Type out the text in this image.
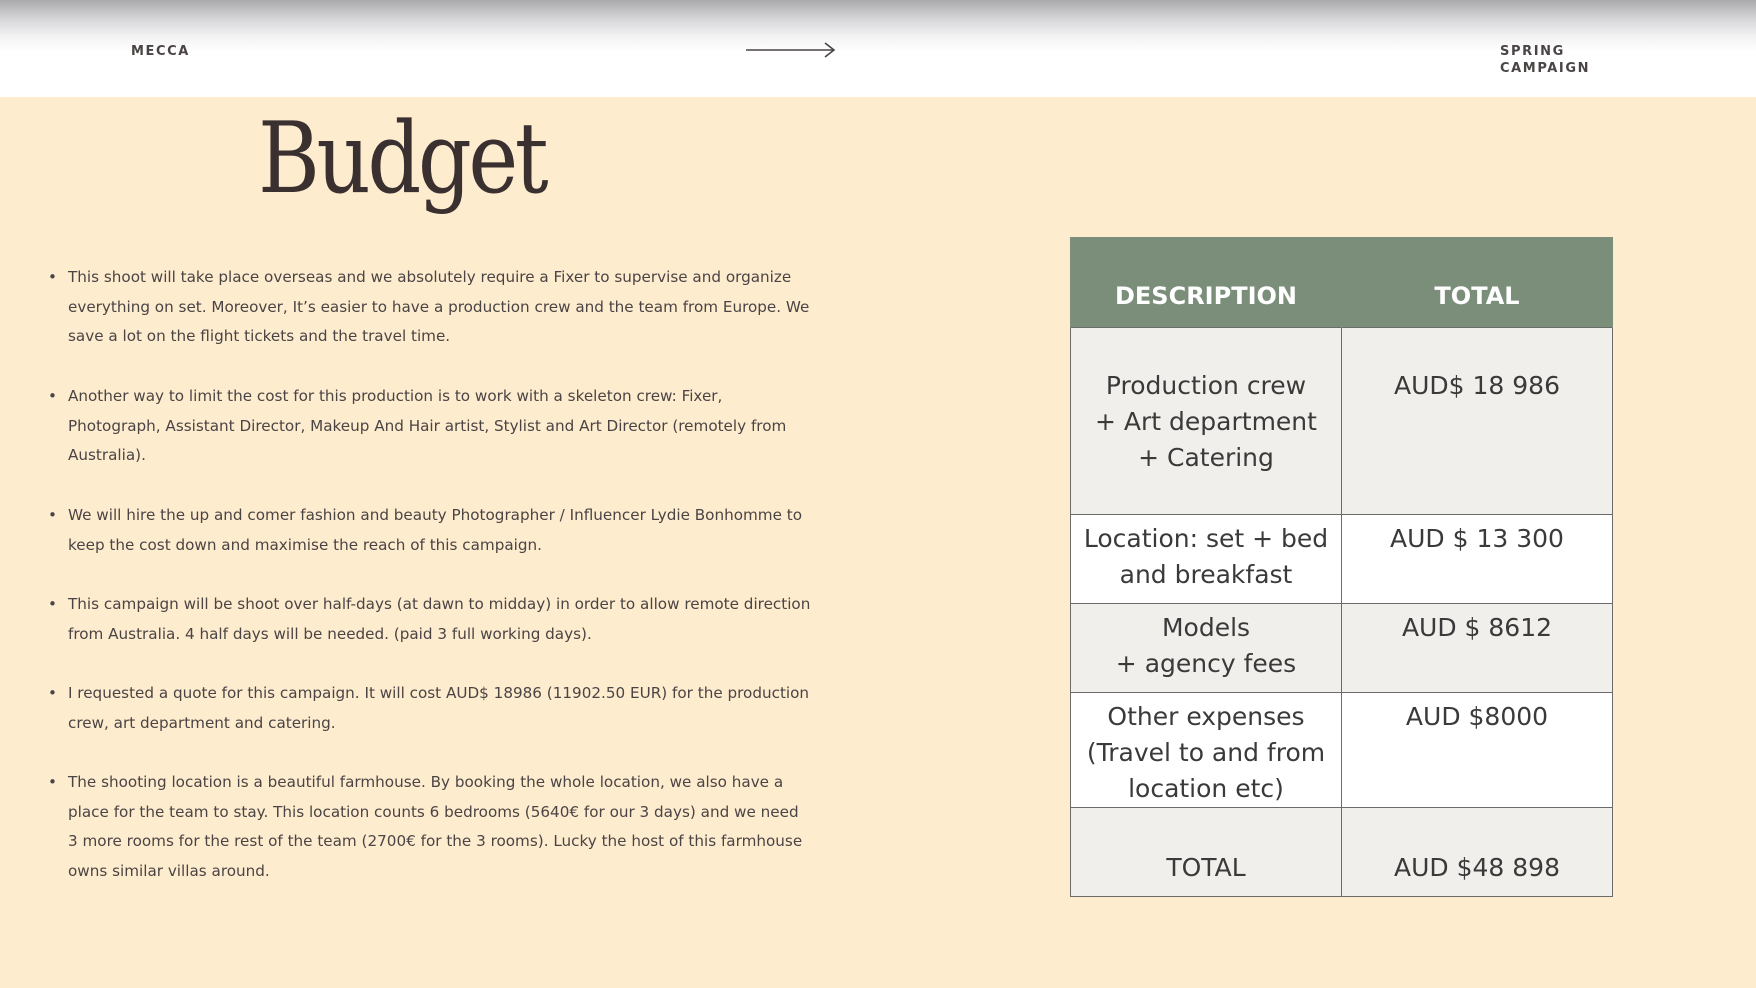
MECCA	SPRING
CAMPAIGN
Budget
• This shoot will take place overseas and we absolutely require a Fixer to supervise and organize
everything on set. Moreover, It’s easier to have a production crew and the team from Europe. We
save a lot on the flight tickets and the travel time.
• Another way to limit the cost for this production is to work with a skeleton crew: Fixer,
Photograph, Assistant Director, Makeup And Hair artist, Stylist and Art Director (remotely from
Australia).
• We will hire the up and comer fashion and beauty Photographer / Influencer Lydie Bonhomme to
keep the cost down and maximise the reach of this campaign.
• This campaign will be shoot over half-days (at dawn to midday) in order to allow remote direction
from Australia. 4 half days will be needed. (paid 3 full working days).
• I requested a quote for this campaign. It will cost AUD$ 18986 (11902.50 EUR) for the production
crew, art department and catering.
• The shooting location is a beautiful farmhouse. By booking the whole location, we also have a
place for the team to stay. This location counts 6 bedrooms (5640€ for our 3 days) and we need
3 more rooms for the rest of the team (2700€ for the 3 rooms). Lucky the host of this farmhouse
owns similar villas around.
DESCRIPTION	TOTAL

Production crew
+ Art department
+ Catering	AUD$ 18 986

Location: set + bed
and breakfast	AUD $ 13 300

Models
+ agency fees	AUD $ 8612

Other expenses
(Travel to and from
location etc)	AUD $8000
TOTAL	AUD $48 898
